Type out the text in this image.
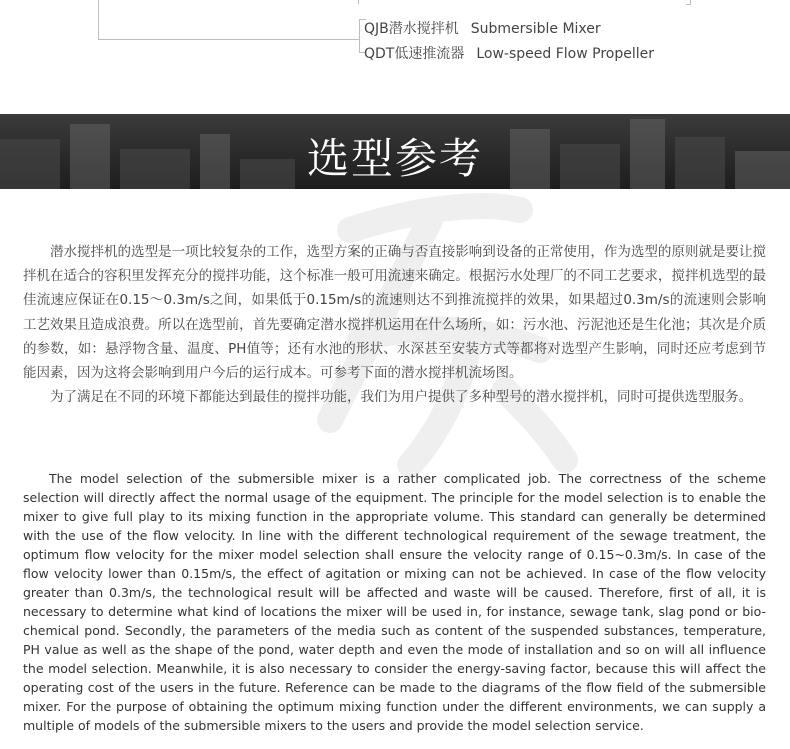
QJB潜水搅拌机 Submersible Mixer
QDT低速推流器 Low-speed Flow Propeller
选型参考

潜水搅拌机的选型是一项比较复杂的工作，选型方案的正确与否直接影响到设备的正常使用，作为选型的原则就是要让搅拌机在适合的容积里发挥充分的搅拌功能，这个标准一般可用流速来确定。根据污水处理厂的不同工艺要求，搅拌机选型的最佳流速应保证在0.15～0.3m/s之间，如果低于0.15m/s的流速则达不到推流搅拌的效果，如果超过0.3m/s的流速则会影响工艺效果且造成浪费。所以在选型前，首先要确定潜水搅拌机运用在什么场所，如：污水池、污泥池还是生化池；其次是介质的参数，如：悬浮物含量、温度、PH值等；还有水池的形状、水深甚至安装方式等都将对选型产生影响，同时还应考虑到节能因素，因为这将会影响到用户今后的运行成本。可参考下面的潜水搅拌机流场图。

为了满足在不同的环境下都能达到最佳的搅拌功能，我们为用户提供了多种型号的潜水搅拌机，同时可提供选型服务。

The model selection of the submersible mixer is a rather complicated job. The correctness of the scheme selection will directly affect the normal usage of the equipment. The principle for the model selection is to enable the mixer to give full play to its mixing function in the appropriate volume. This standard can generally be determined with the use of the flow velocity. In line with the different technological requirement of the sewage treatment, the optimum flow velocity for the mixer model selection shall ensure the velocity range of 0.15~0.3m/s. In case of the flow velocity lower than 0.15m/s, the effect of agitation or mixing can not be achieved. In case of the flow velocity greater than 0.3m/s, the technological result will be affected and waste will be caused. Therefore, first of all, it is necessary to determine what kind of locations the mixer will be used in, for instance, sewage tank, slag pond or bio-chemical pond. Secondly, the parameters of the media such as content of the suspended substances, temperature, PH value as well as the shape of the pond, water depth and even the mode of installation and so on will all influence the model selection. Meanwhile, it is also necessary to consider the energy-saving factor, because this will affect the operating cost of the users in the future. Reference can be made to the diagrams of the flow field of the submersible mixer. For the purpose of obtaining the optimum mixing function under the different environments, we can supply a multiple of models of the submersible mixers to the users and provide the model selection service.
